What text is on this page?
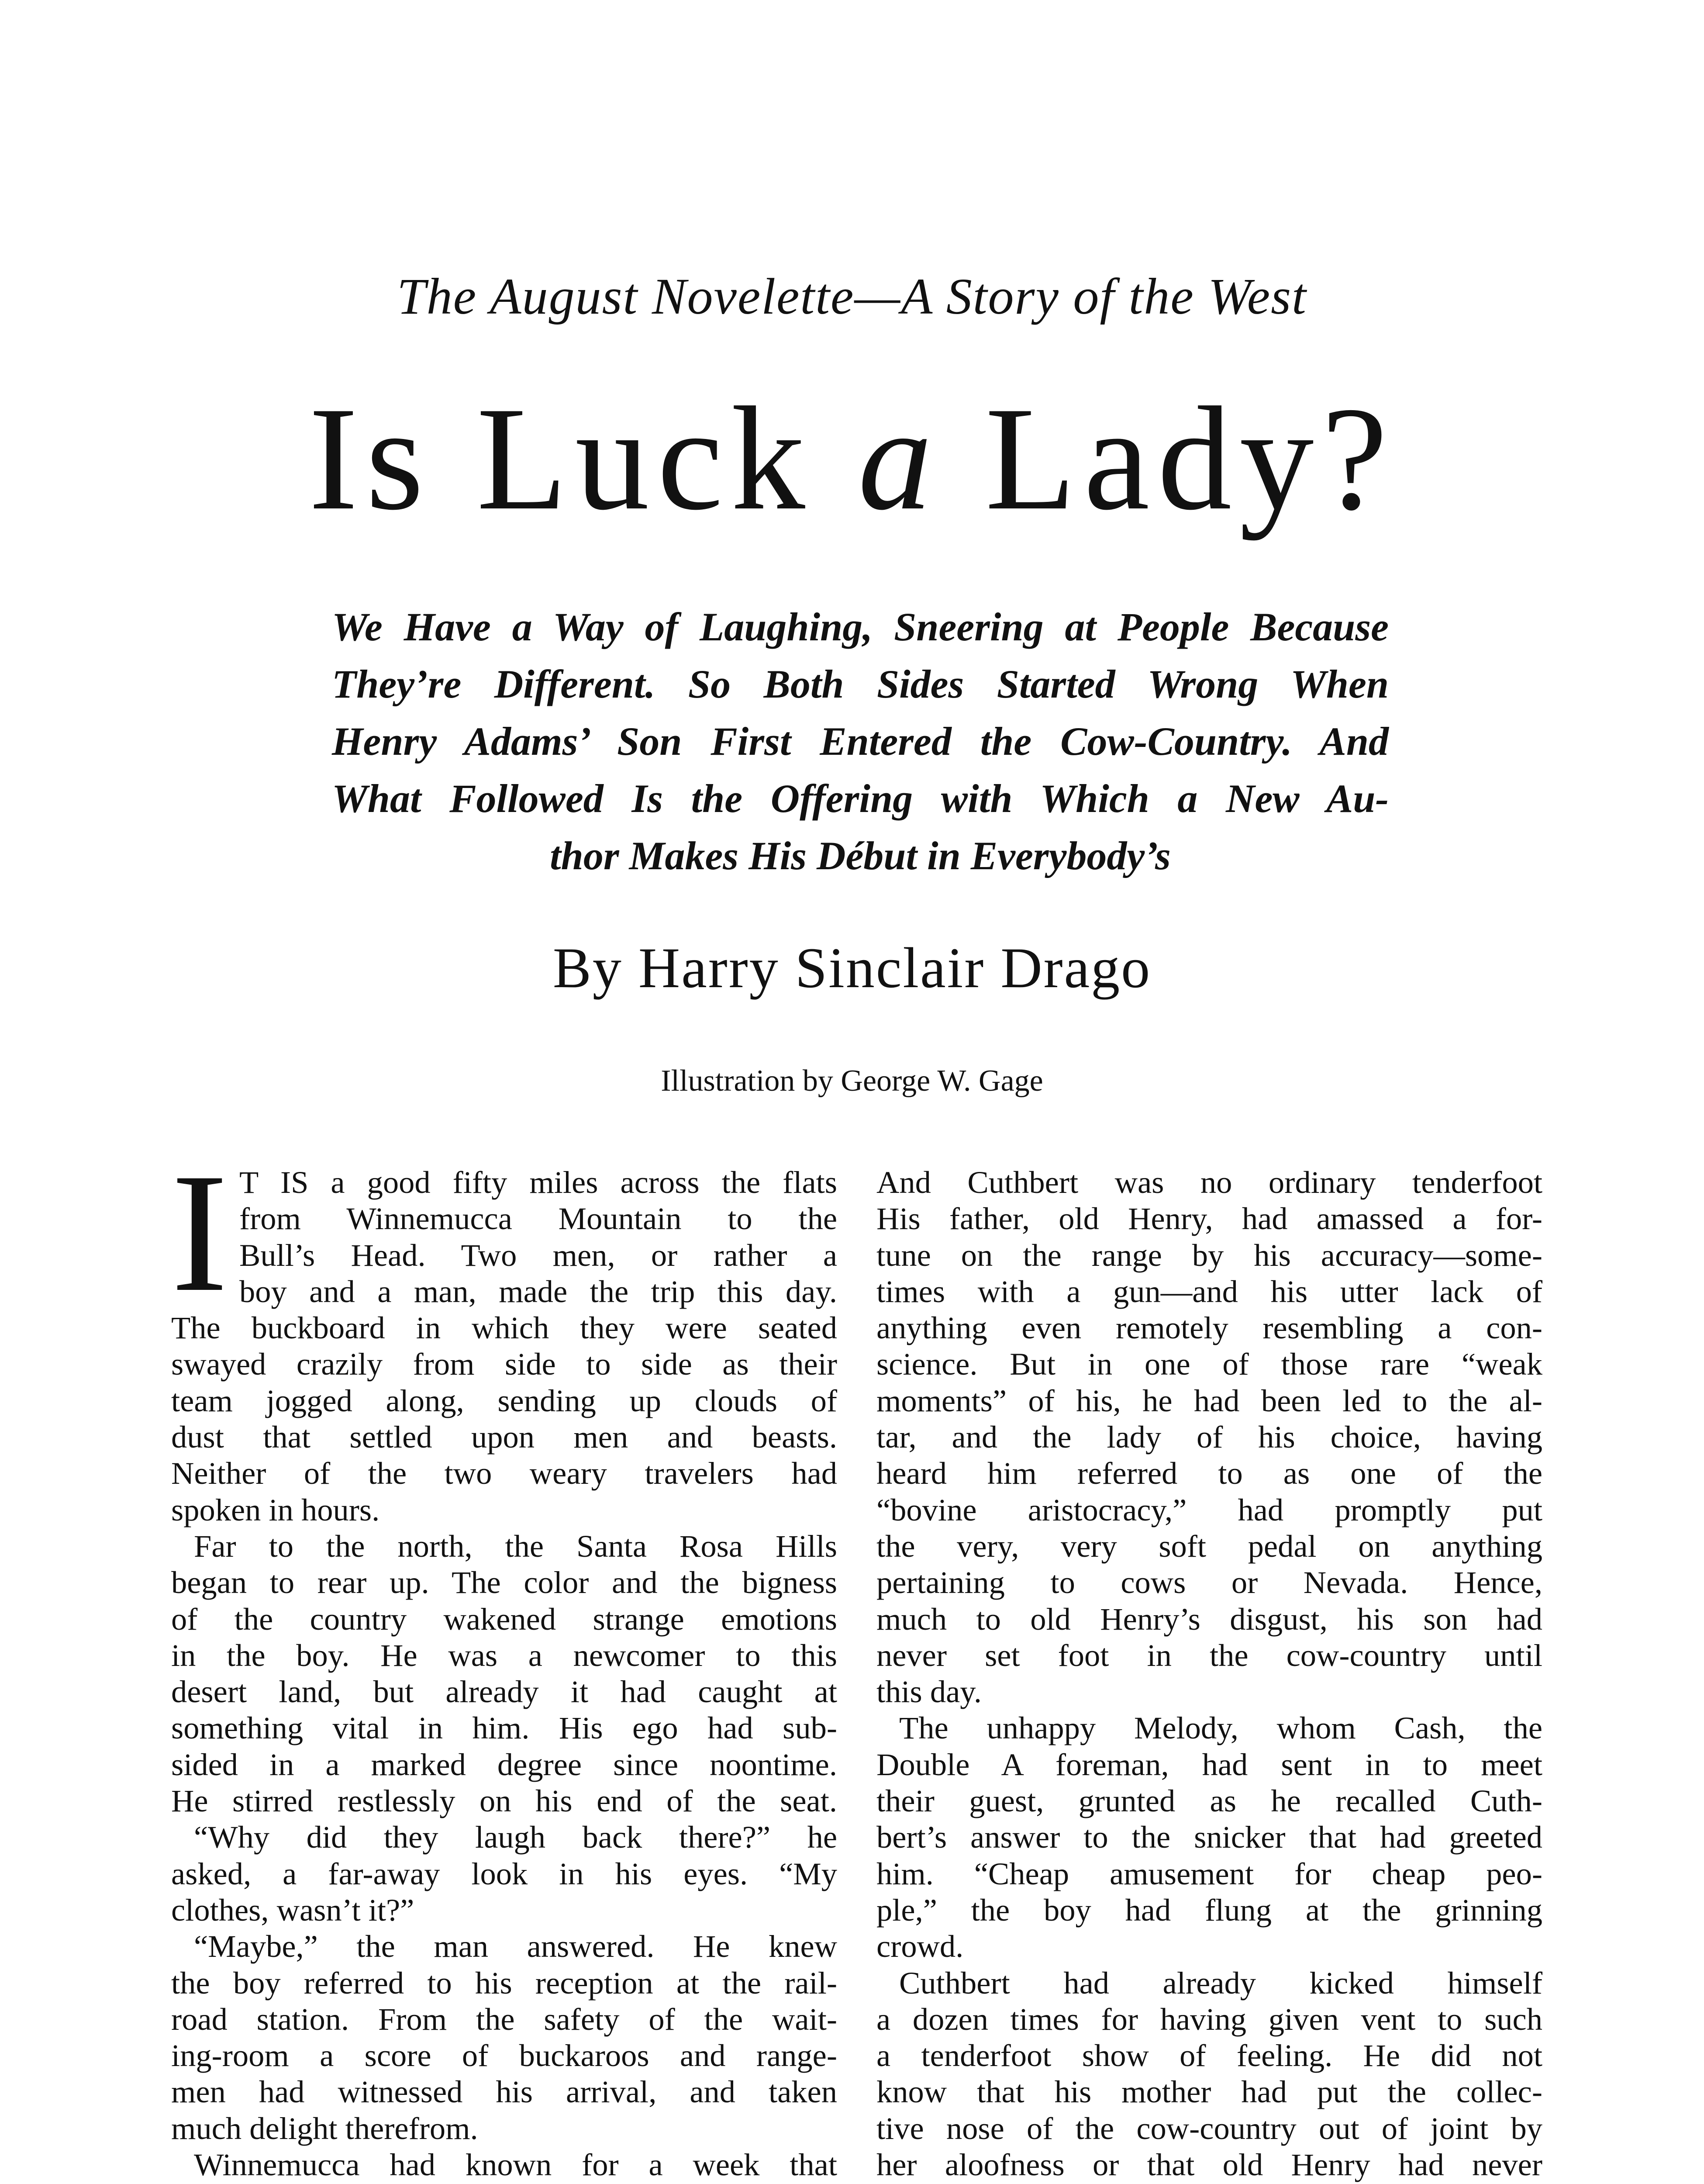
The August Novelette—A Story of the West
Is Luck a Lady?
We Have a Way of Laughing, Sneering at People Because
They’re Different. So Both Sides Started Wrong When
Henry Adams’ Son First Entered the Cow-Country. And
What Followed Is the Offering with Which a New Au-
thor Makes His Début in Everybody’s
By Harry Sinclair Drago
Illustration by George W. Gage
I T IS a good fifty miles across the flats
from Winnemucca Mountain to the
Bull’s Head. Two men, or rather a
boy and a man, made the trip this day.
The buckboard in which they were seated
swayed crazily from side to side as their
team jogged along, sending up clouds of
dust that settled upon men and beasts.
Neither of the two weary travelers had
spoken in hours.
Far to the north, the Santa Rosa Hills
began to rear up. The color and the bigness
of the country wakened strange emotions
in the boy. He was a newcomer to this
desert land, but already it had caught at
something vital in him. His ego had sub-
sided in a marked degree since noontime.
He stirred restlessly on his end of the seat.
“Why did they laugh back there?” he
asked, a far-away look in his eyes. “My
clothes, wasn’t it?”
“Maybe,” the man answered. He knew
the boy referred to his reception at the rail-
road station. From the safety of the wait-
ing-room a score of buckaroos and range-
men had witnessed his arrival, and taken
much delight therefrom.
Winnemucca had known for a week that
And Cuthbert was no ordinary tenderfoot
His father, old Henry, had amassed a for-
tune on the range by his accuracy—some-
times with a gun—and his utter lack of
anything even remotely resembling a con-
science. But in one of those rare “weak
moments” of his, he had been led to the al-
tar, and the lady of his choice, having
heard him referred to as one of the
“bovine aristocracy,” had promptly put
the very, very soft pedal on anything
pertaining to cows or Nevada. Hence,
much to old Henry’s disgust, his son had
never set foot in the cow-country until
this day.
The unhappy Melody, whom Cash, the
Double A foreman, had sent in to meet
their guest, grunted as he recalled Cuth-
bert’s answer to the snicker that had greeted
him. “Cheap amusement for cheap peo-
ple,” the boy had flung at the grinning
crowd.
Cuthbert had already kicked himself
a dozen times for having given vent to such
a tenderfoot show of feeling. He did not
know that his mother had put the collec-
tive nose of the cow-country out of joint by
her aloofness or that old Henry had never
